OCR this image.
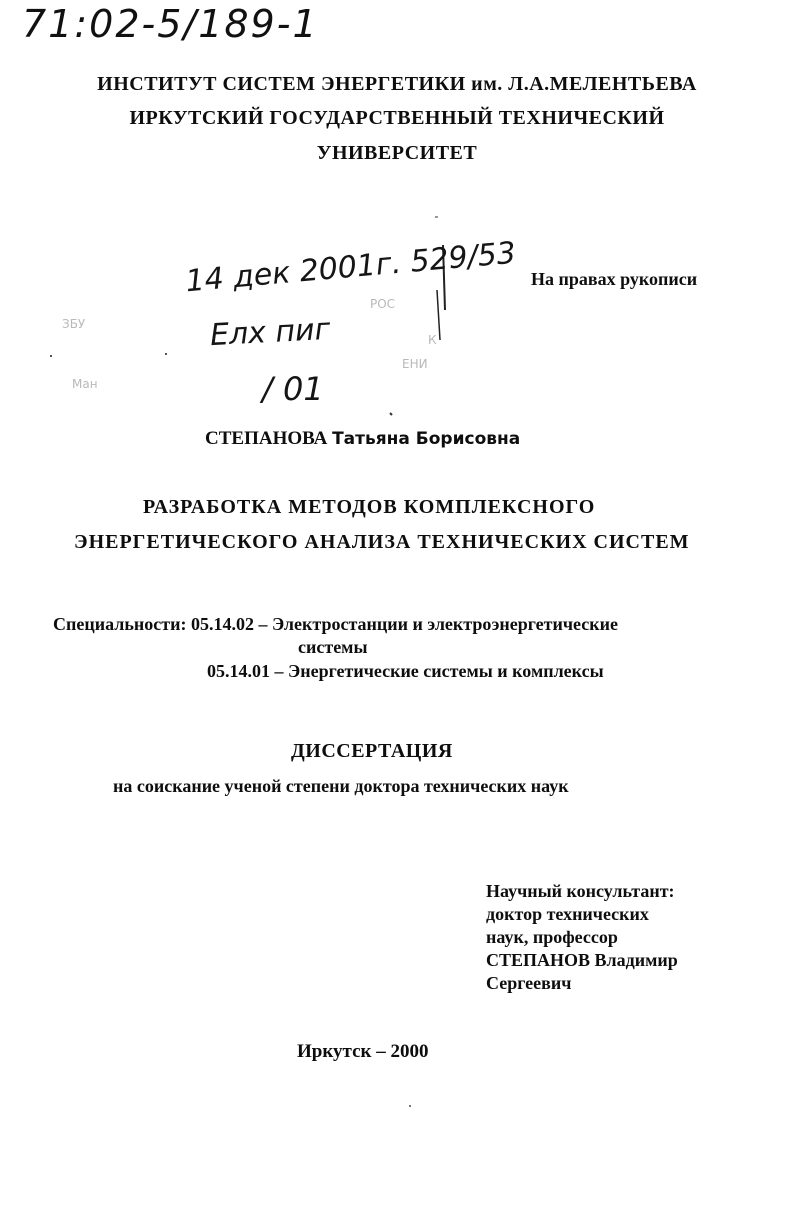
71:02-5/189-1
ИНСТИТУТ СИСТЕМ ЭНЕРГЕТИКИ им. Л.А.МЕЛЕНТЬЕВА
ИРКУТСКИЙ ГОСУДАРСТВЕННЫЙ ТЕХНИЧЕСКИЙ
УНИВЕРСИТЕТ
14 дек 2001г. 529/53
Елх пиг
/ 01
ЗБУ
Ман
РОС
К
ЕНИ
На правах рукописи
СТЕПАНОВА Татьяна Борисовна
РАЗРАБОТКА МЕТОДОВ КОМПЛЕКСНОГО
ЭНЕРГЕТИЧЕСКОГО АНАЛИЗА ТЕХНИЧЕСКИХ СИСТЕМ
Специальности: 05.14.02 – Электростанции и электроэнергетические
системы
05.14.01 – Энергетические системы и комплексы
ДИССЕРТАЦИЯ
на соискание ученой степени доктора технических наук
Научный консультант:
доктор технических
наук, профессор
СТЕПАНОВ Владимир
Сергеевич
Иркутск – 2000
